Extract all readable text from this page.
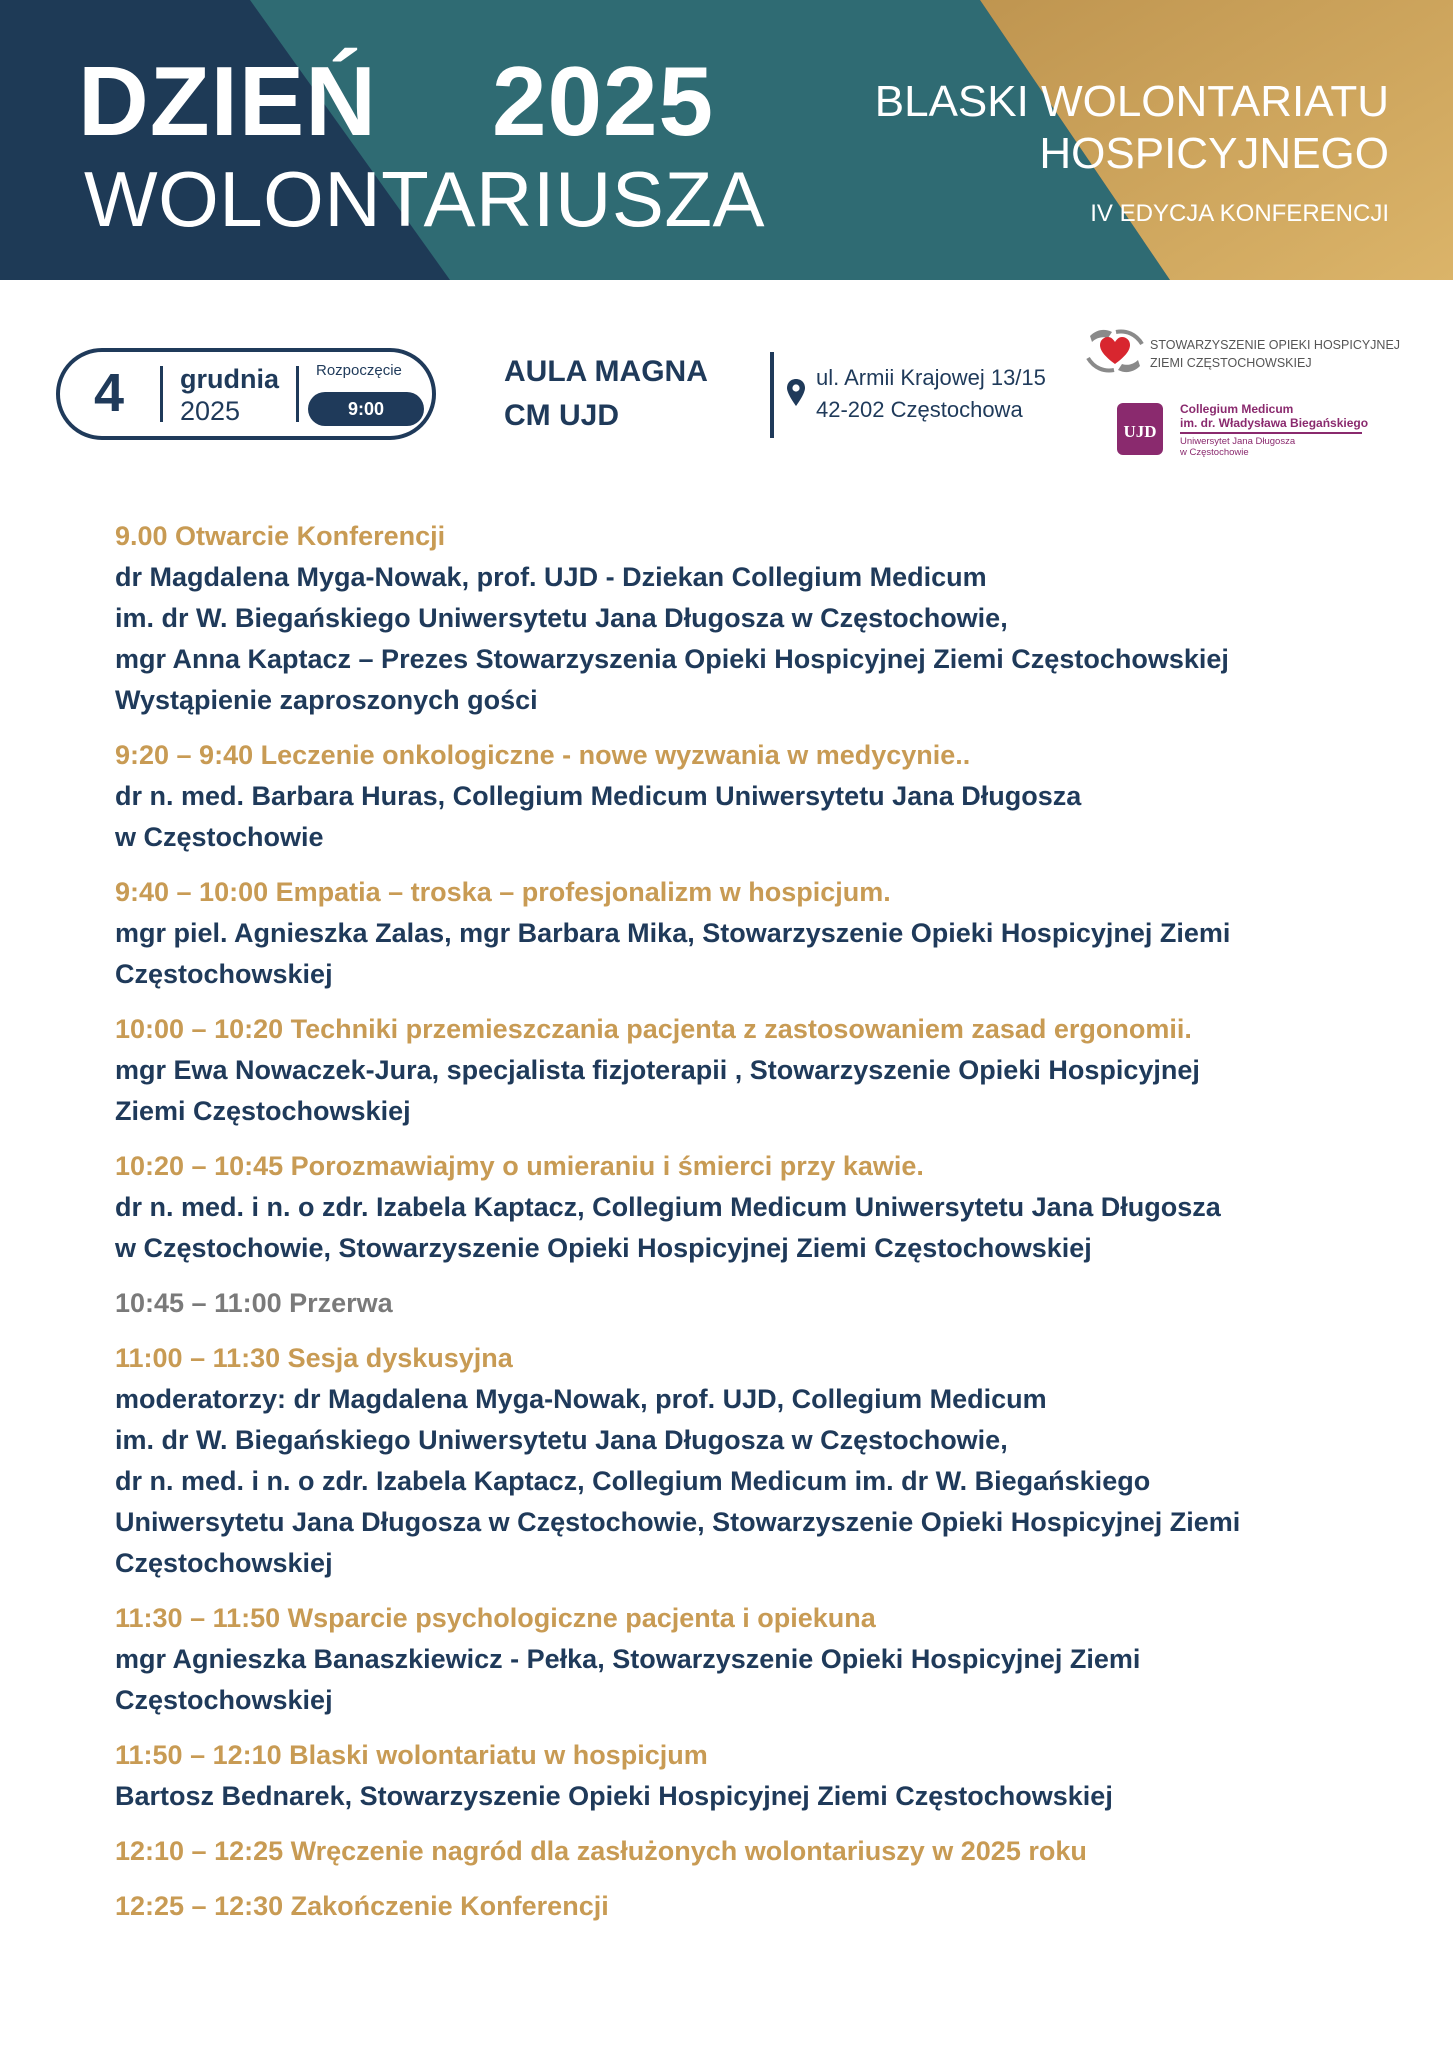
DZIEŃ 2025
WOLONTARIUSZA
BLASKI WOLONTARIATU HOSPICYJNEGO
IV EDYCJA KONFERENCJI
4 grudnia
2025
Rozpoczęcie
9:00
AULA MAGNA
CM UJD
ul. Armii Krajowej 13/15
42-202 Częstochowa
STOWARZYSZENIE OPIEKI HOSPICYJNEJ
ZIEMI CZĘSTOCHOWSKIEJ
UJD
Collegium Medicum
im. dr. Władysława Biegańskiego
Uniwersytet Jana Długosza
w Częstochowie
9.00 Otwarcie Konferencji
dr Magdalena Myga-Nowak, prof. UJD - Dziekan Collegium Medicum
im. dr W. Biegańskiego Uniwersytetu Jana Długosza w Częstochowie,
mgr Anna Kaptacz – Prezes Stowarzyszenia Opieki Hospicyjnej Ziemi Częstochowskiej
Wystąpienie zaproszonych gości
9:20 – 9:40 Leczenie onkologiczne - nowe wyzwania w medycynie..
dr n. med. Barbara Huras, Collegium Medicum Uniwersytetu Jana Długosza
w Częstochowie
9:40 – 10:00 Empatia – troska – profesjonalizm w hospicjum.
mgr piel. Agnieszka Zalas, mgr Barbara Mika, Stowarzyszenie Opieki Hospicyjnej Ziemi
Częstochowskiej
10:00 – 10:20 Techniki przemieszczania pacjenta z zastosowaniem zasad ergonomii.
mgr Ewa Nowaczek-Jura, specjalista fizjoterapii , Stowarzyszenie Opieki Hospicyjnej
Ziemi Częstochowskiej
10:20 – 10:45 Porozmawiajmy o umieraniu i śmierci przy kawie.
dr n. med. i n. o zdr. Izabela Kaptacz, Collegium Medicum Uniwersytetu Jana Długosza
w Częstochowie, Stowarzyszenie Opieki Hospicyjnej Ziemi Częstochowskiej
10:45 – 11:00 Przerwa
11:00 – 11:30 Sesja dyskusyjna
moderatorzy: dr Magdalena Myga-Nowak, prof. UJD, Collegium Medicum
im. dr W. Biegańskiego Uniwersytetu Jana Długosza w Częstochowie,
dr n. med. i n. o zdr. Izabela Kaptacz, Collegium Medicum im. dr W. Biegańskiego
Uniwersytetu Jana Długosza w Częstochowie, Stowarzyszenie Opieki Hospicyjnej Ziemi
Częstochowskiej
11:30 – 11:50 Wsparcie psychologiczne pacjenta i opiekuna
mgr Agnieszka Banaszkiewicz - Pełka, Stowarzyszenie Opieki Hospicyjnej Ziemi
Częstochowskiej
11:50 – 12:10 Blaski wolontariatu w hospicjum
Bartosz Bednarek, Stowarzyszenie Opieki Hospicyjnej Ziemi Częstochowskiej
12:10 – 12:25 Wręczenie nagród dla zasłużonych wolontariuszy w 2025 roku
12:25 – 12:30 Zakończenie Konferencji
